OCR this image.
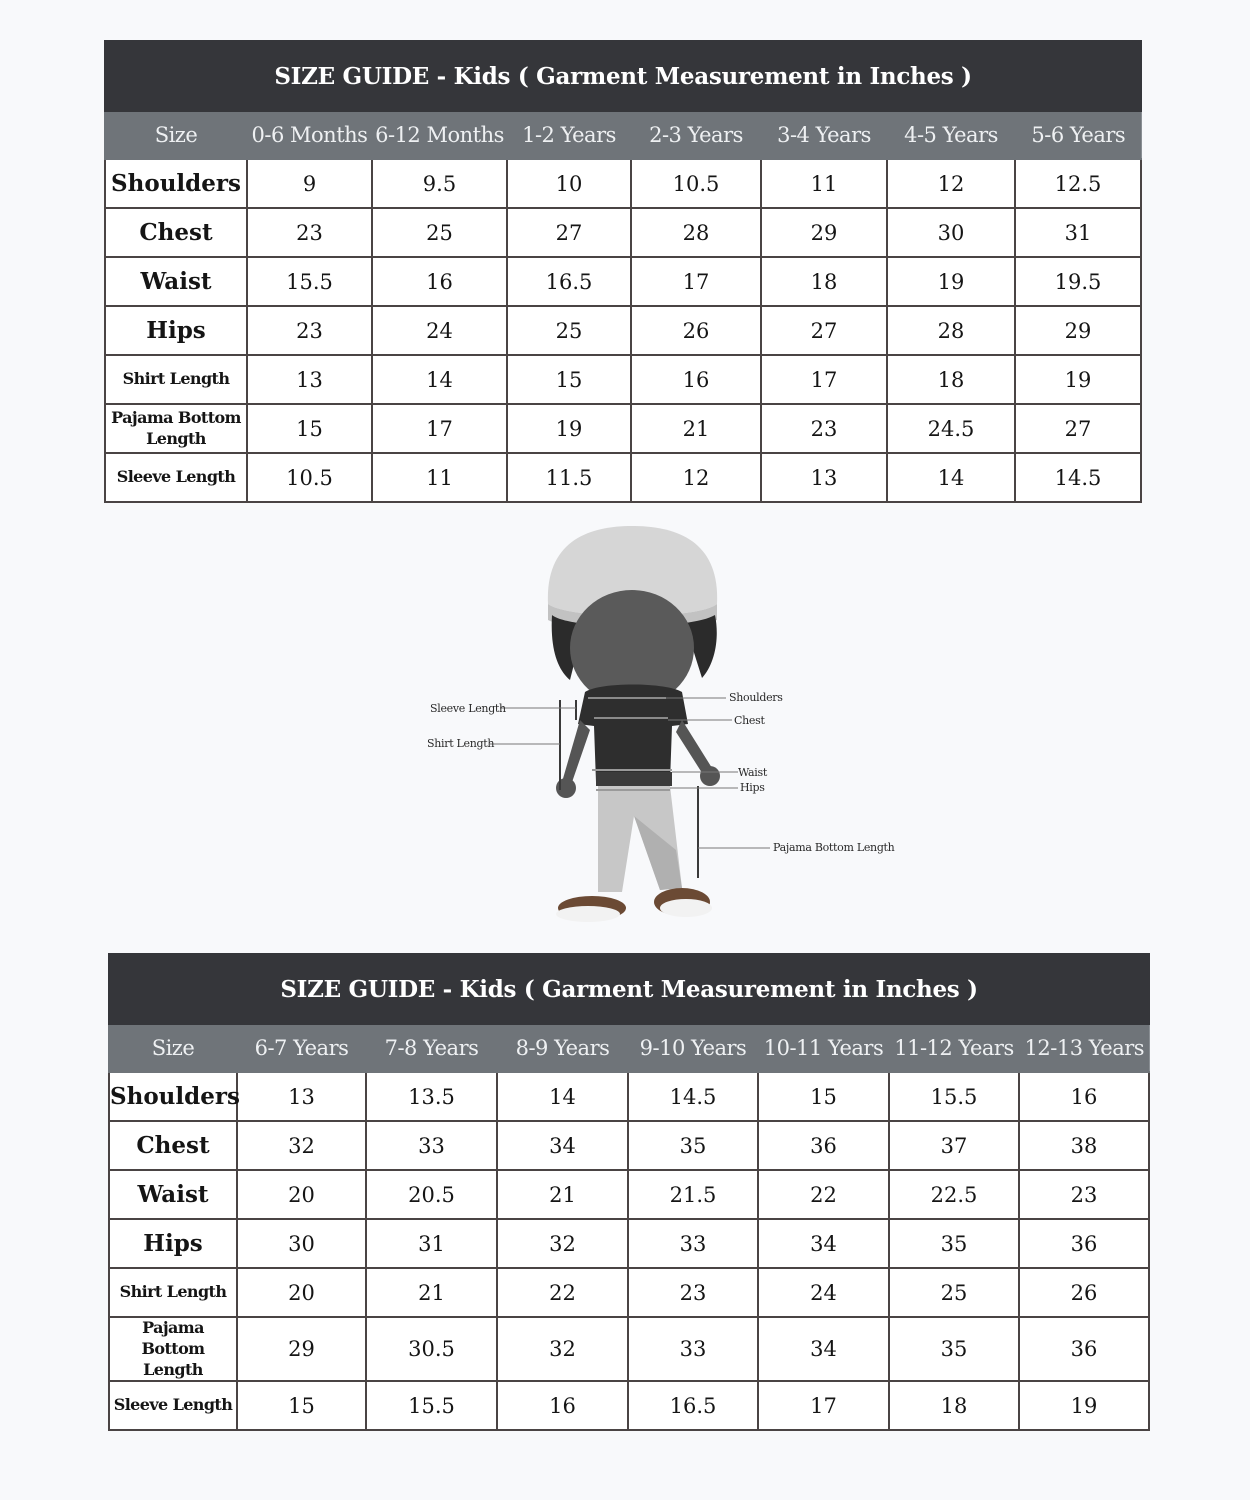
SIZE GUIDE - Kids ( Garment Measurement in Inches )							
Size	0-6 Months	6-12 Months	1-2 Years	2-3 Years	3-4 Years	4-5 Years	5-6 Years
Shoulders	9	9.5	10	10.5	11	12	12.5
Chest	23	25	27	28	29	30	31
Waist	15.5	16	16.5	17	18	19	19.5
Hips	23	24	25	26	27	28	29
Shirt Length	13	14	15	16	17	18	19
Pajama Bottom Length	15	17	19	21	23	24.5	27
Sleeve Length	10.5	11	11.5	12	13	14	14.5
Sleeve Length
Shirt Length
Shoulders
Chest
Waist
Hips
Pajama Bottom Length
SIZE GUIDE - Kids ( Garment Measurement in Inches )							
Size	6-7 Years	7-8 Years	8-9 Years	9-10 Years	10-11 Years	11-12 Years	12-13 Years
Shoulders	13	13.5	14	14.5	15	15.5	16
Chest	32	33	34	35	36	37	38
Waist	20	20.5	21	21.5	22	22.5	23
Hips	30	31	32	33	34	35	36
Shirt Length	20	21	22	23	24	25	26
Pajama Bottom Length	29	30.5	32	33	34	35	36
Sleeve Length	15	15.5	16	16.5	17	18	19
